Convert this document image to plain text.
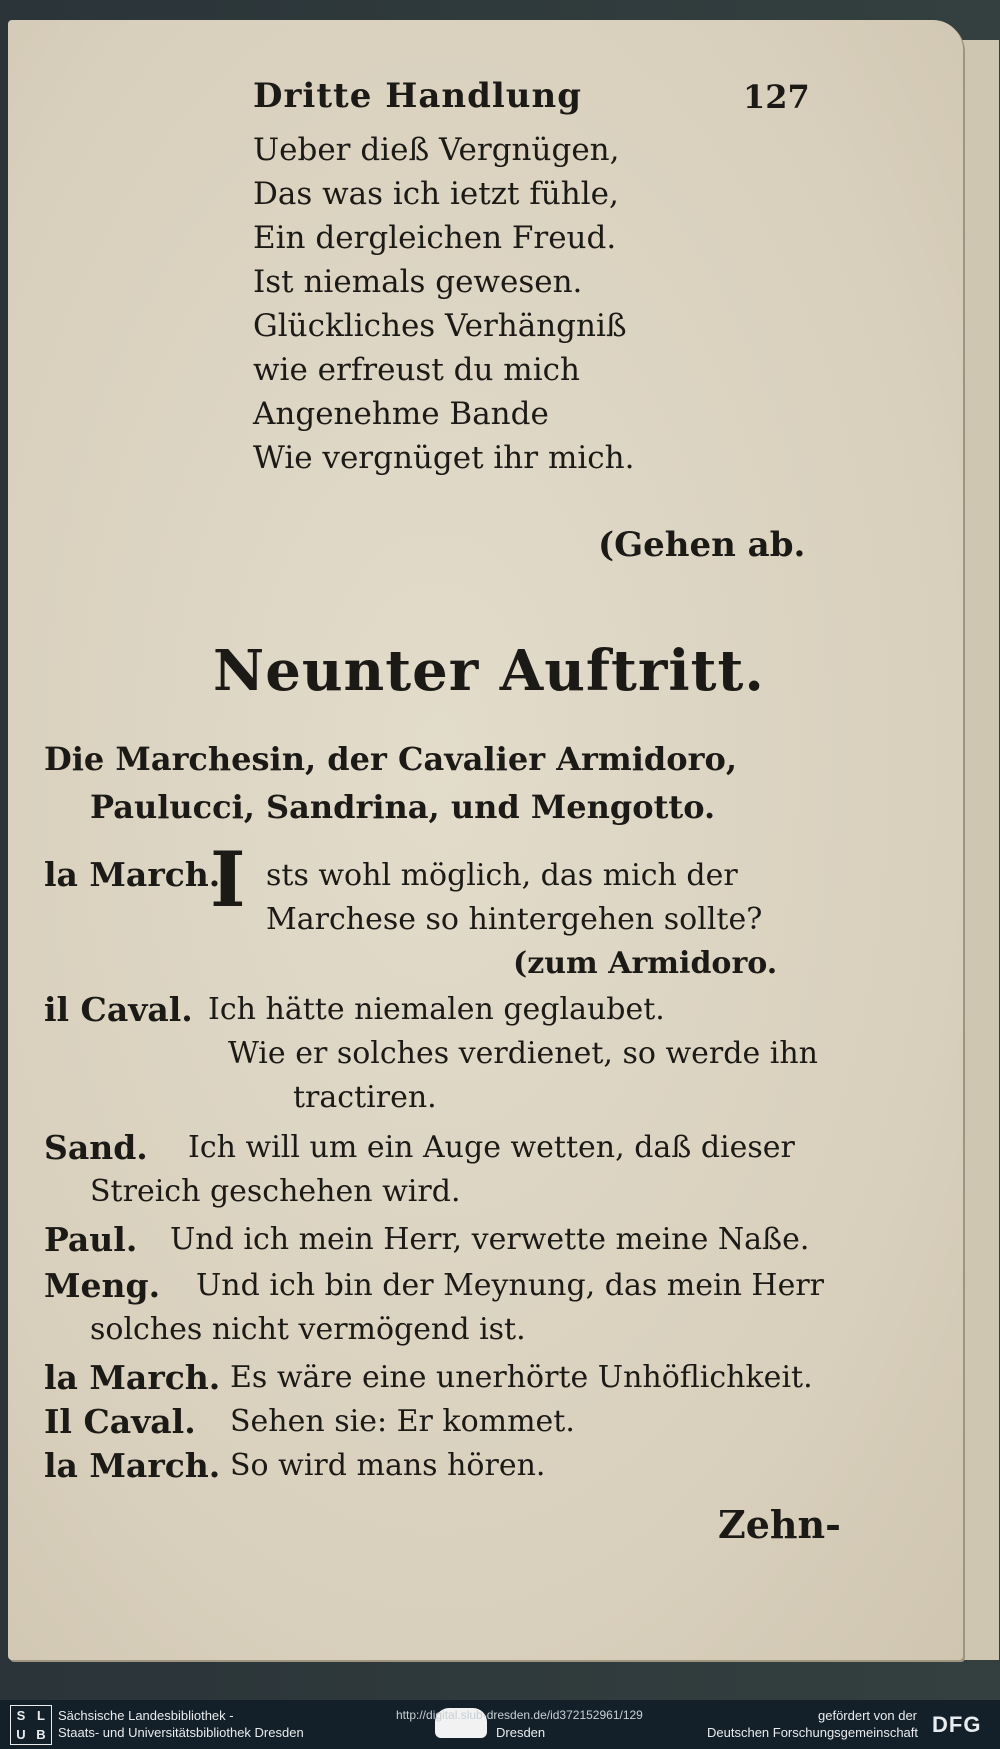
Dritte Handlung	127
Ueber dieß Vergnügen,
Das was ich ietzt fühle,
Ein dergleichen Freud.
Ist niemals gewesen.
Glückliches Verhängniß
wie erfreust du mich
Angenehme Bande
Wie vergnüget ihr mich.
(Gehen ab.
Neunter Auftritt.
Die Marchesin, der Cavalier Armidoro,
Paulucci, Sandrina, und Mengotto.
la March.
I sts wohl möglich, das mich der
Marchese so hintergehen sollte?
(zum Armidoro.
il Caval. Ich hätte niemalen geglaubet.
Wie er solches verdienet, so werde ihn
tractiren.
Sand. Ich will um ein Auge wetten, daß dieser
Streich geschehen wird.
Paul. Und ich mein Herr, verwette meine Naße.
Meng. Und ich bin der Meynung, das mein Herr
solches nicht vermögend ist.
la March. Es wäre eine unerhörte Unhöflichkeit.
Il Caval. Sehen sie: Er kommet.
la March. So wird mans hören.
Zehn-
S L
U B
Sächsische Landesbibliothek -
Staats- und Universitätsbibliothek Dresden
http://digital.slub-dresden.de/id372152961/129
Dresden
gefördert von der
Deutschen Forschungsgemeinschaft DFG
